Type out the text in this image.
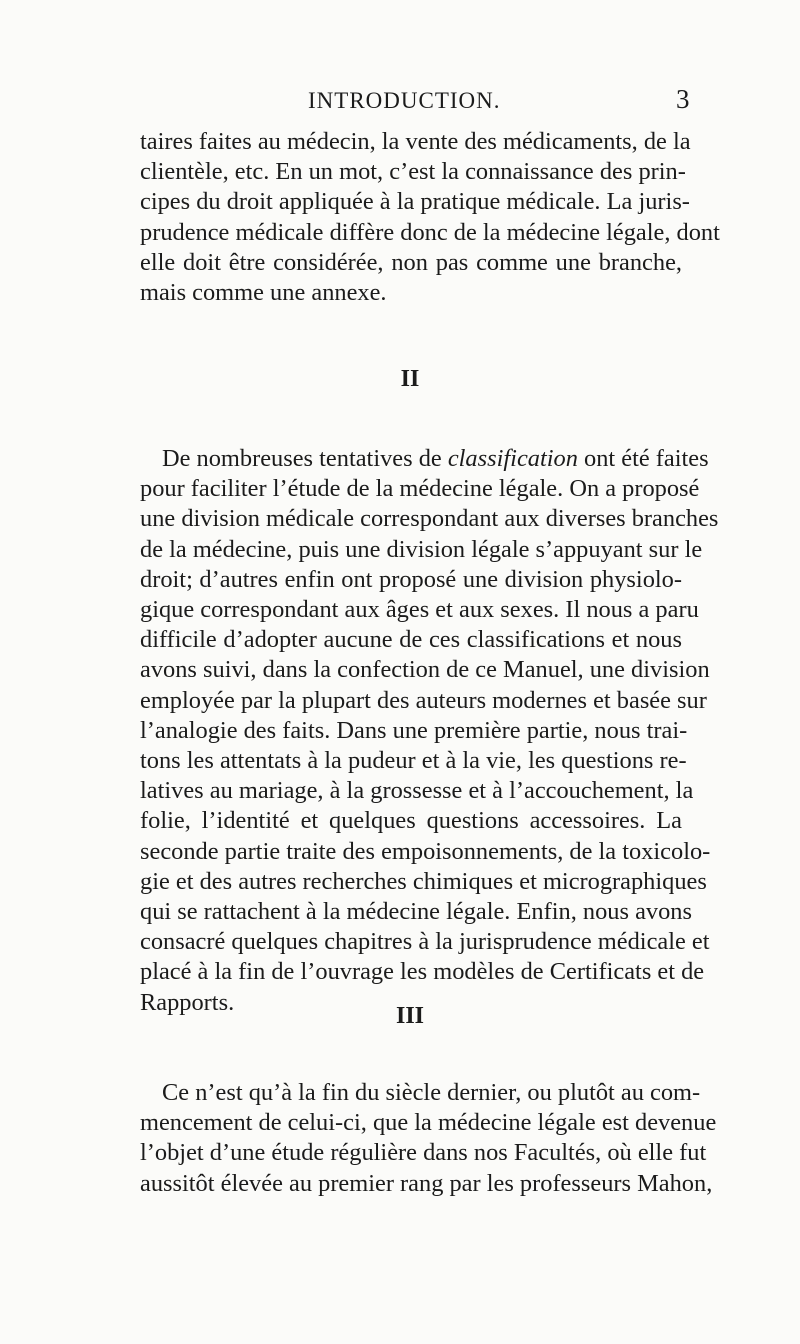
INTRODUCTION.	3

taires faites au médecin, la vente des médicaments, de la
clientèle, etc. En un mot, c’est la connaissance des prin-
cipes du droit appliquée à la pratique médicale. La juris-
prudence médicale diffère donc de la médecine légale, dont
elle doit être considérée, non pas comme une branche,
mais comme une annexe.

II

De nombreuses tentatives de classification ont été faites
pour faciliter l’étude de la médecine légale. On a proposé
une division médicale correspondant aux diverses branches
de la médecine, puis une division légale s’appuyant sur le
droit; d’autres enfin ont proposé une division physiolo-
gique correspondant aux âges et aux sexes. Il nous a paru
difficile d’adopter aucune de ces classifications et nous
avons suivi, dans la confection de ce Manuel, une division
employée par la plupart des auteurs modernes et basée sur
l’analogie des faits. Dans une première partie, nous trai-
tons les attentats à la pudeur et à la vie, les questions re-
latives au mariage, à la grossesse et à l’accouchement, la
folie, l’identité et quelques questions accessoires. La
seconde partie traite des empoisonnements, de la toxicolo-
gie et des autres recherches chimiques et micrographiques
qui se rattachent à la médecine légale. Enfin, nous avons
consacré quelques chapitres à la jurisprudence médicale et
placé à la fin de l’ouvrage les modèles de Certificats et de
Rapports.

III

Ce n’est qu’à la fin du siècle dernier, ou plutôt au com-
mencement de celui-ci, que la médecine légale est devenue
l’objet d’une étude régulière dans nos Facultés, où elle fut
aussitôt élevée au premier rang par les professeurs Mahon,
